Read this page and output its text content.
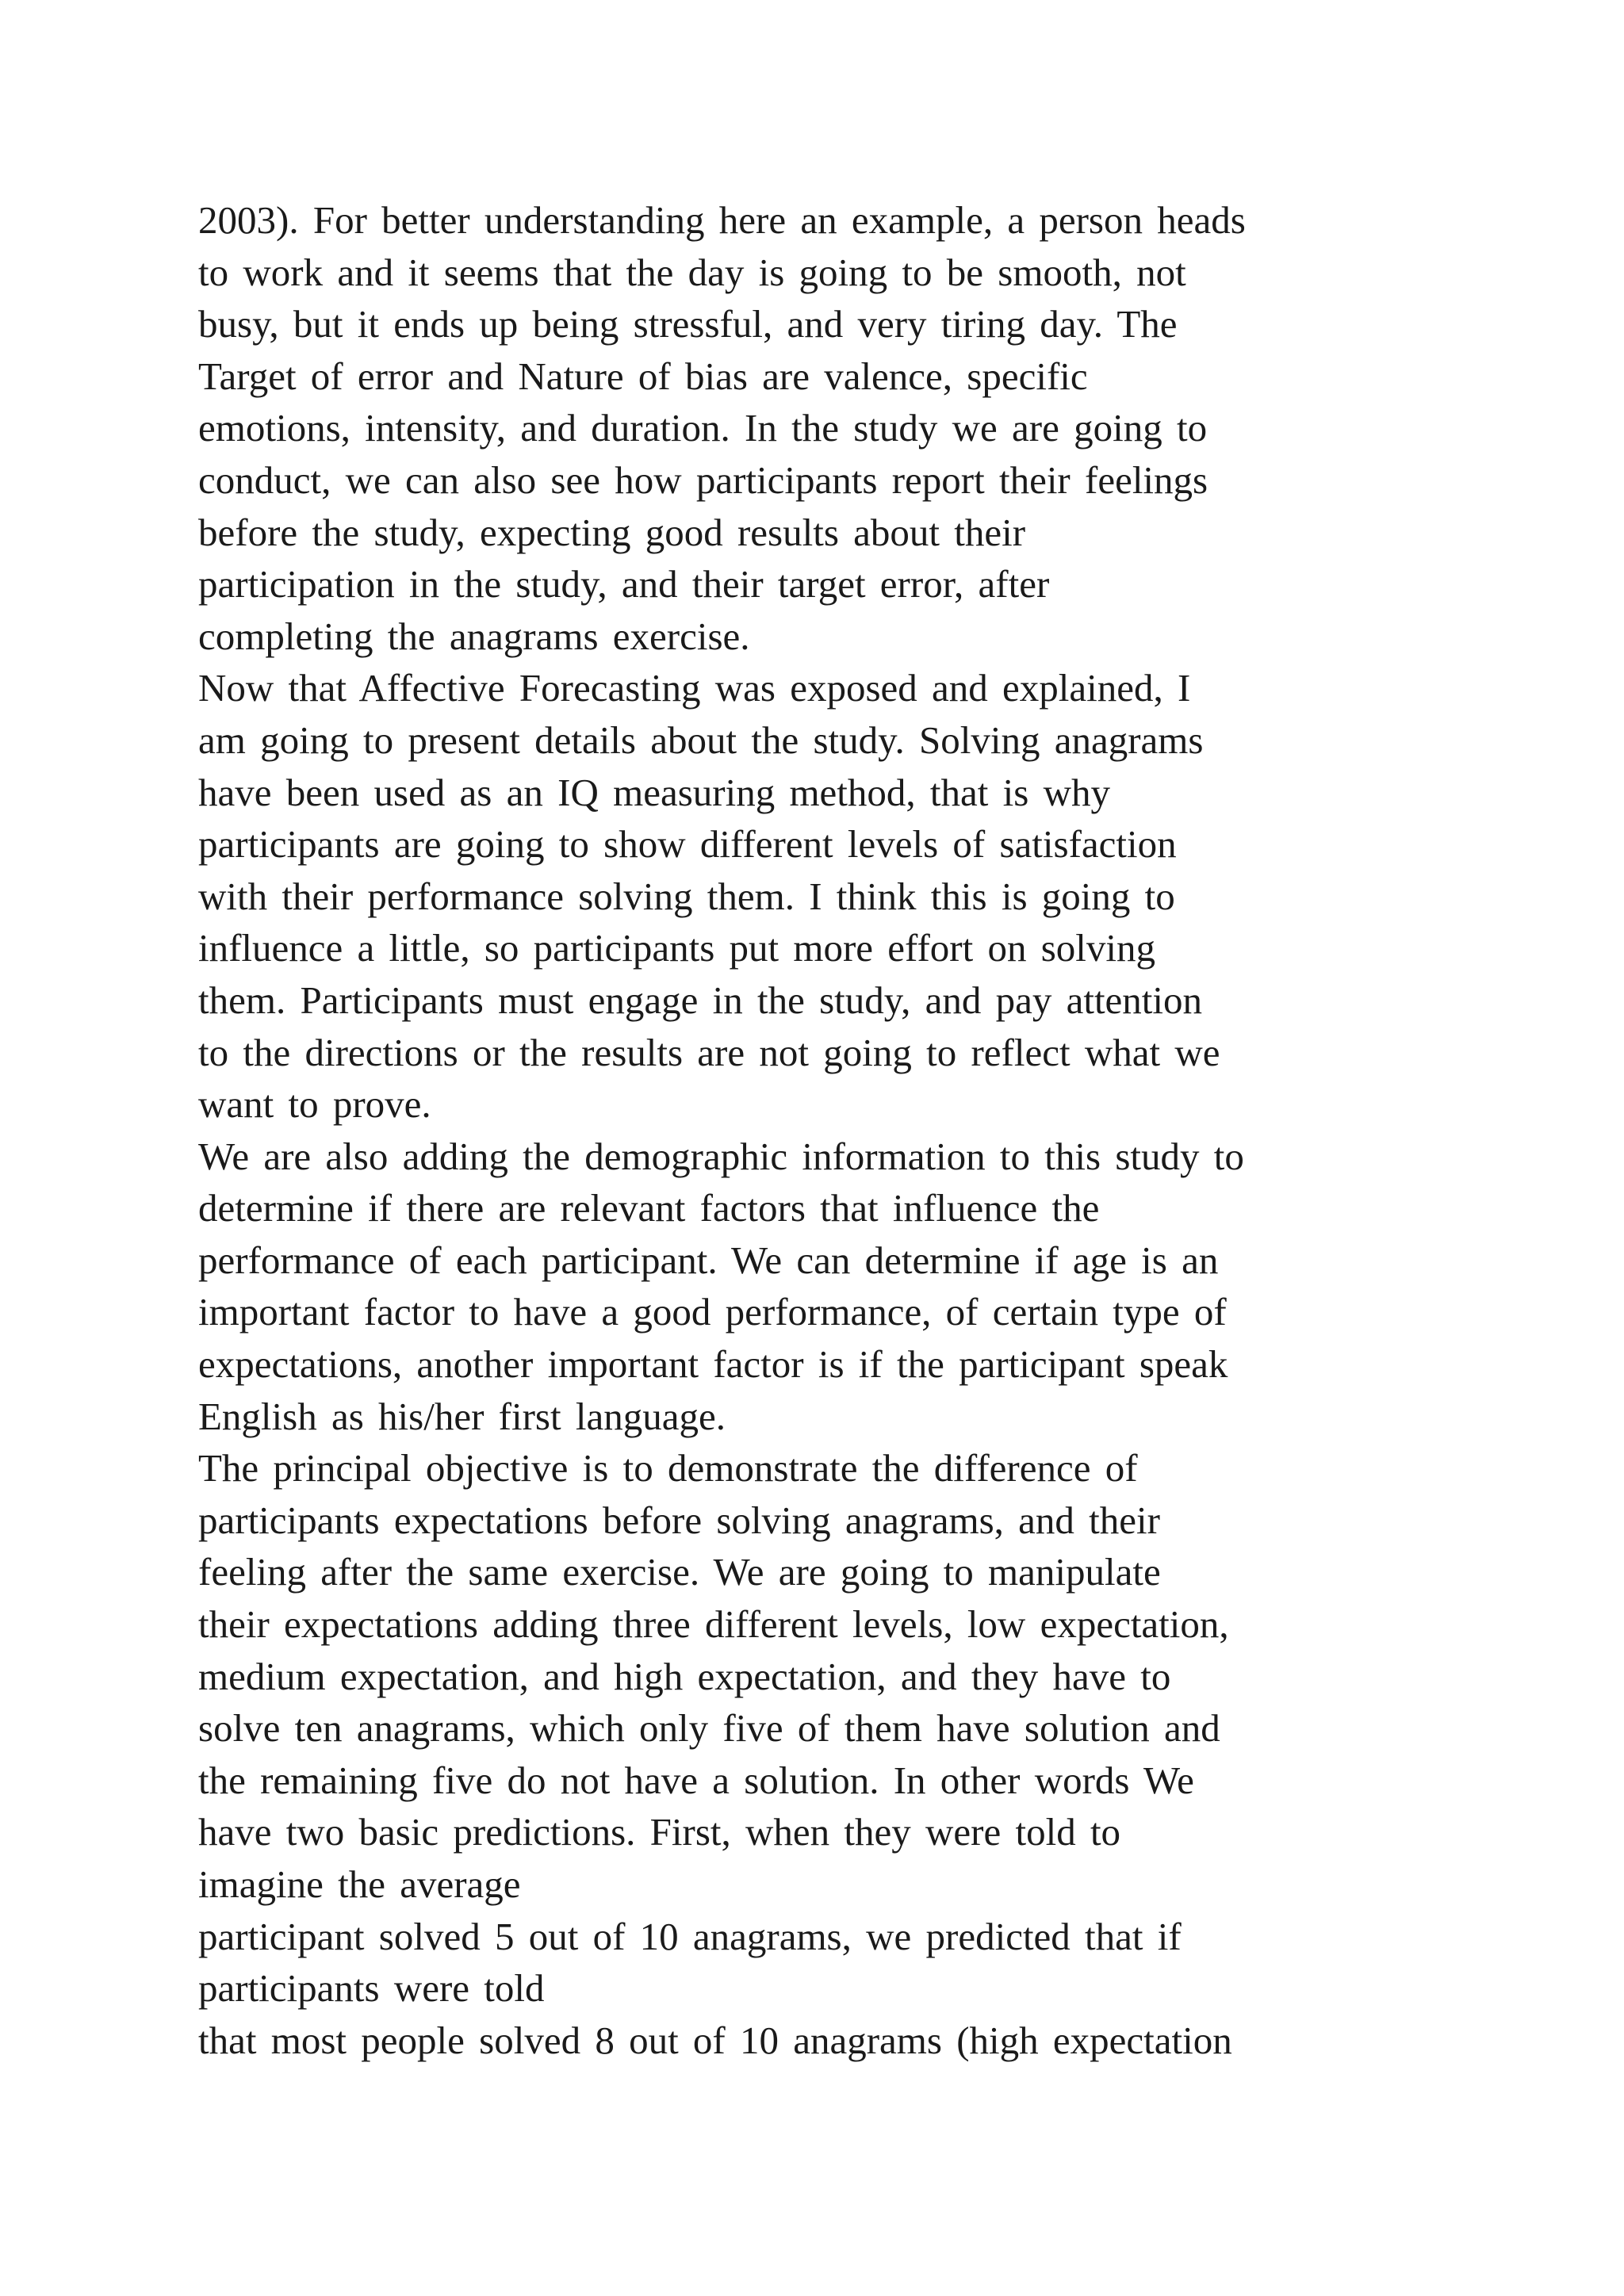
2003). For better understanding here an example, a person heads
to work and it seems that the day is going to be smooth, not
busy, but it ends up being stressful, and very tiring day. The
Target of error and Nature of bias are valence, specific
emotions, intensity, and duration. In the study we are going to
conduct, we can also see how participants report their feelings
before the study, expecting good results about their
participation in the study, and their target error, after
completing the anagrams exercise.
Now that Affective Forecasting was exposed and explained, I
am going to present details about the study. Solving anagrams
have been used as an IQ measuring method, that is why
participants are going to show different levels of satisfaction
with their performance solving them. I think this is going to
influence a little, so participants put more effort on solving
them. Participants must engage in the study, and pay attention
to the directions or the results are not going to reflect what we
want to prove.
We are also adding the demographic information to this study to
determine if there are relevant factors that influence the
performance of each participant. We can determine if age is an
important factor to have a good performance, of certain type of
expectations, another important factor is if the participant speak
English as his/her first language.
The principal objective is to demonstrate the difference of
participants expectations before solving anagrams, and their
feeling after the same exercise. We are going to manipulate
their expectations adding three different levels, low expectation,
medium expectation, and high expectation, and they have to
solve ten anagrams, which only five of them have solution and
the remaining five do not have a solution. In other words We
have two basic predictions. First, when they were told to
imagine the average
participant solved 5 out of 10 anagrams, we predicted that if
participants were told
that most people solved 8 out of 10 anagrams (high expectation
